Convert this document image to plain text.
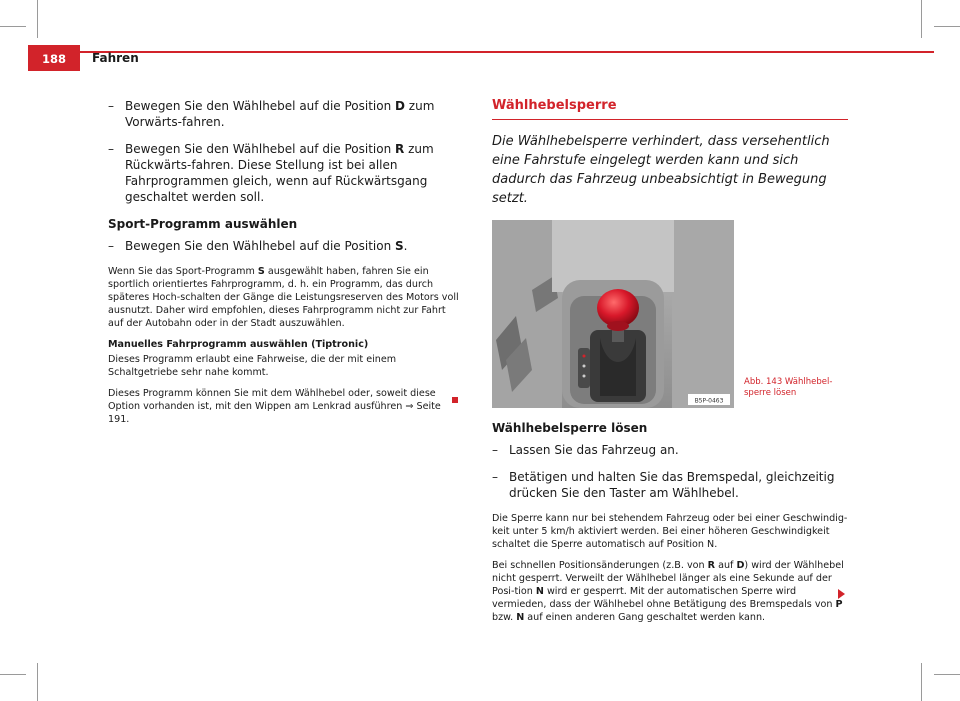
188	Fahren
– Bewegen Sie den Wählhebel auf die Position D zum Vorwärts-fahren.
– Bewegen Sie den Wählhebel auf die Position R zum Rückwärts-fahren. Diese Stellung ist bei allen Fahrprogrammen gleich, wenn auf Rückwärtsgang geschaltet werden soll.
Sport-Programm auswählen
– Bewegen Sie den Wählhebel auf die Position S.
Wenn Sie das Sport-Programm S ausgewählt haben, fahren Sie ein sportlich orientiertes Fahrprogramm, d. h. ein Programm, das durch späteres Hoch-schalten der Gänge die Leistungsreserven des Motors voll ausnutzt. Daher wird empfohlen, dieses Fahrprogramm nicht zur Fahrt auf der Autobahn oder in der Stadt auszuwählen.
Manuelles Fahrprogramm auswählen (Tiptronic)
Dieses Programm erlaubt eine Fahrweise, die der mit einem Schaltgetriebe sehr nahe kommt.
Dieses Programm können Sie mit dem Wählhebel oder, soweit diese Option vorhanden ist, mit den Wippen am Lenkrad ausführen ⇒ Seite 191.
Wählhebelsperre
Die Wählhebelsperre verhindert, dass versehentlich eine Fahrstufe eingelegt werden kann und sich dadurch das Fahrzeug unbeabsichtigt in Bewegung setzt.
B5P-0463
Abb. 143 Wählhebel-
sperre lösen
Wählhebelsperre lösen
– Lassen Sie das Fahrzeug an.
– Betätigen und halten Sie das Bremspedal, gleichzeitig drücken Sie den Taster am Wählhebel.
Die Sperre kann nur bei stehendem Fahrzeug oder bei einer Geschwindig-keit unter 5 km/h aktiviert werden. Bei einer höheren Geschwindigkeit schaltet die Sperre automatisch auf Position N.
Bei schnellen Positionsänderungen (z.B. von R auf D) wird der Wählhebel nicht gesperrt. Verweilt der Wählhebel länger als eine Sekunde auf der Posi-tion N wird er gesperrt. Mit der automatischen Sperre wird vermieden, dass der Wählhebel ohne Betätigung des Bremspedals von P bzw. N auf einen anderen Gang geschaltet werden kann.
